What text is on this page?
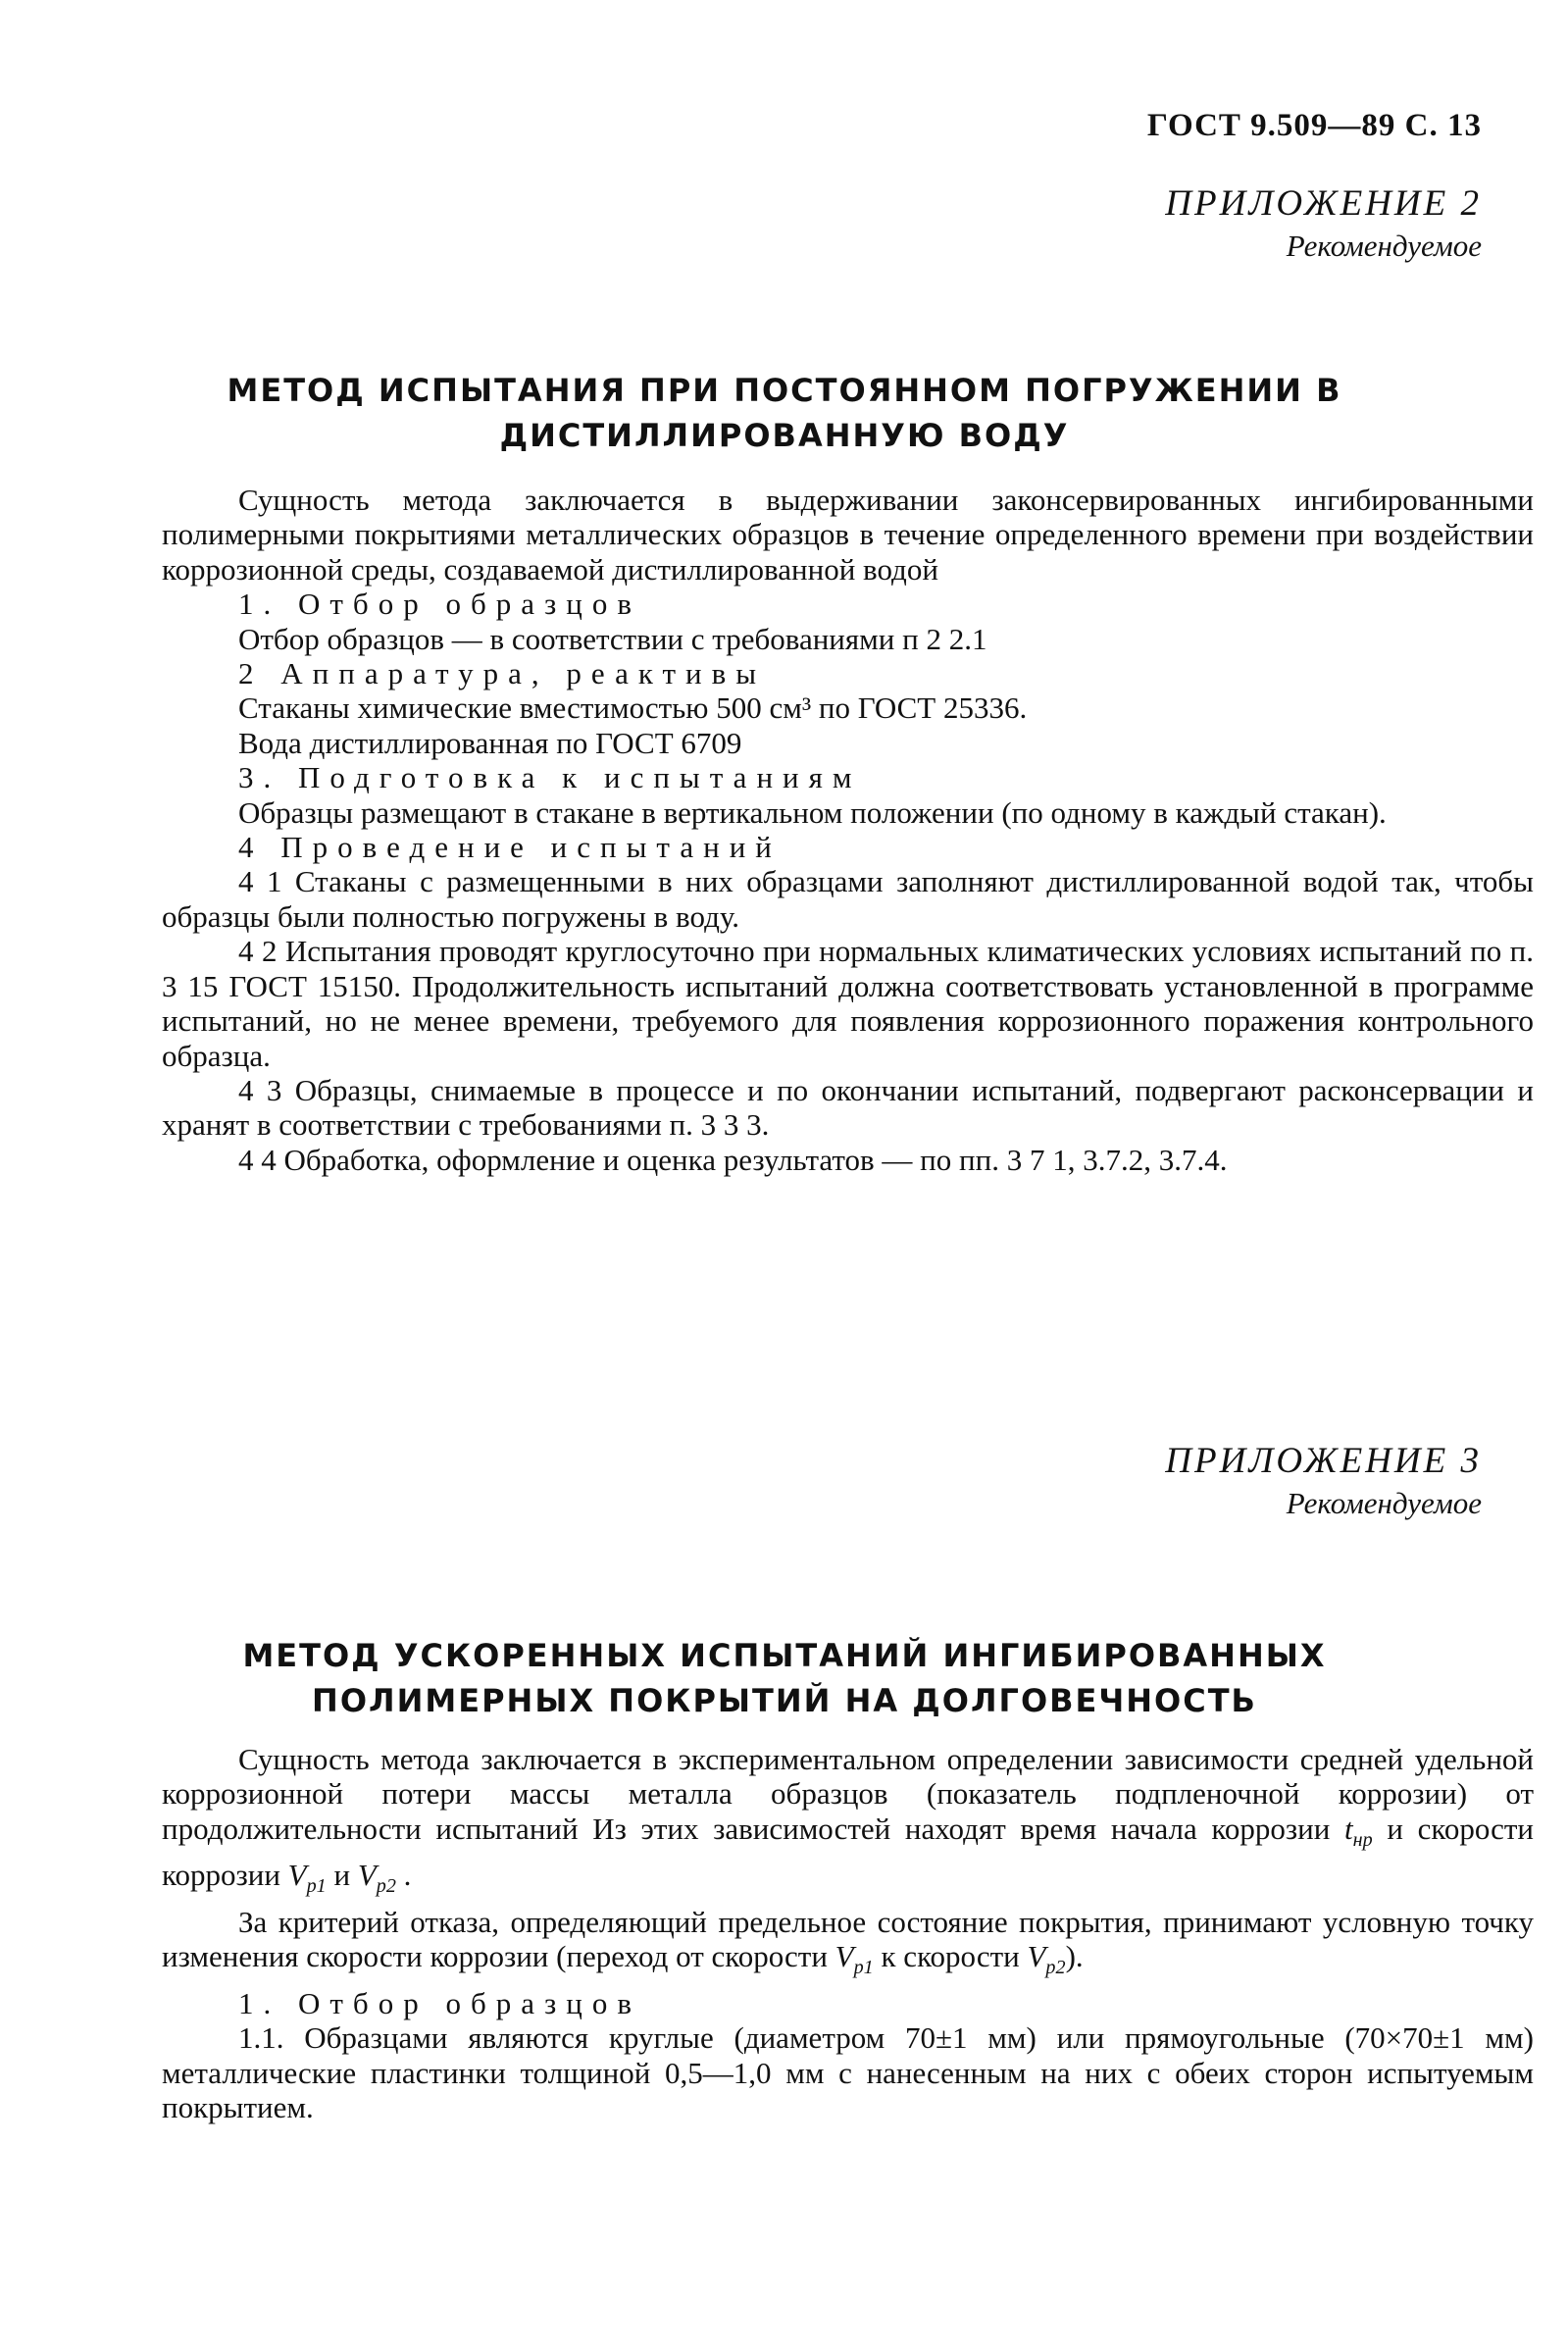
ГОСТ 9.509—89 С. 13
ПРИЛОЖЕНИЕ 2
Рекомендуемое
МЕТОД ИСПЫТАНИЯ ПРИ ПОСТОЯННОМ ПОГРУЖЕНИИ В
ДИСТИЛЛИРОВАННУЮ ВОДУ

Сущность метода заключается в выдерживании законсервированных ингибированными полимерными покрытиями металлических образцов в течение определенного времени при воздействии коррозионной среды, создаваемой дистиллированной водой

1. Отбор образцов

Отбор образцов — в соответствии с требованиями п 2 2.1

2 Аппаратура, реактивы

Стаканы химические вместимостью 500 см³ по ГОСТ 25336.

Вода дистиллированная по ГОСТ 6709

3. Подготовка к испытаниям

Образцы размещают в стакане в вертикальном положении (по одному в каждый стакан).

4 Проведение испытаний

4 1 Стаканы с размещенными в них образцами заполняют дистиллированной водой так, чтобы образцы были полностью погружены в воду.

4 2 Испытания проводят круглосуточно при нормальных климатических условиях испытаний по п. 3 15 ГОСТ 15150. Продолжительность испытаний должна соответствовать установленной в программе испытаний, но не менее времени, требуемого для появления коррозионного поражения контрольного образца.

4 3 Образцы, снимаемые в процессе и по окончании испытаний, подвергают расконсервации и хранят в соответствии с требованиями п. 3 3 3.

4 4 Обработка, оформление и оценка результатов — по пп. 3 7 1, 3.7.2, 3.7.4.

ПРИЛОЖЕНИЕ 3
Рекомендуемое
МЕТОД УСКОРЕННЫХ ИСПЫТАНИЙ ИНГИБИРОВАННЫХ
ПОЛИМЕРНЫХ ПОКРЫТИЙ НА ДОЛГОВЕЧНОСТЬ

Сущность метода заключается в экспериментальном определении зависимости средней удельной коррозионной потери массы металла образцов (показатель подпленочной коррозии) от продолжительности испытаний Из этих зависимостей находят время начала коррозии $t_{нр}$ и скорости коррозии $V_{p1}$ и $V_{p2}$ .

За критерий отказа, определяющий предельное состояние покрытия, принимают условную точку изменения скорости коррозии (переход от скорости $V_{p1}$ к скорости $V_{p2}$).

1. Отбор образцов

1.1. Образцами являются круглые (диаметром 70±1 мм) или прямоугольные (70×70±1 мм) металлические пластинки толщиной 0,5—1,0 мм с нанесенным на них с обеих сторон испытуемым покрытием.
